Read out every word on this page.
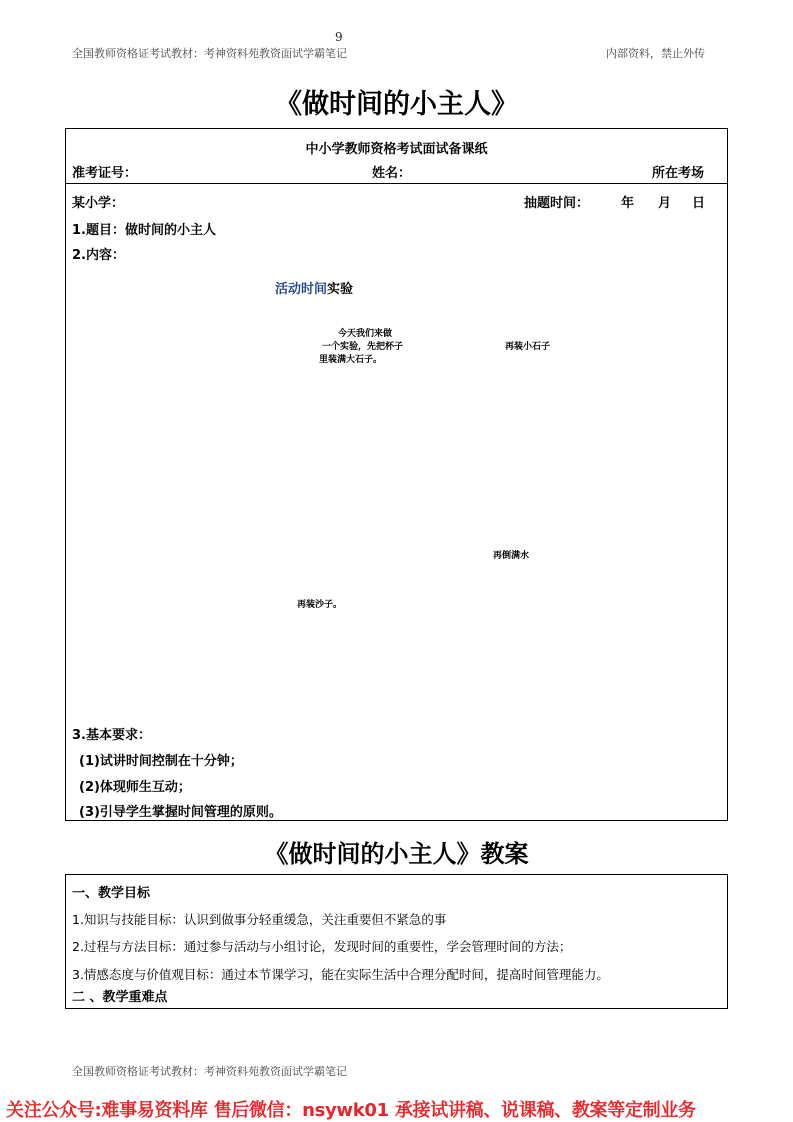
9
全国教师资格证考试教材：考神资料苑教资面试学霸笔记	内部资料，禁止外传
《做时间的小主人》
中小学教师资格考试面试备课纸
准考证号：	姓名：	所在考场
某小学：	抽题时间： 年 月 日
1.题目：做时间的小主人
2.内容：
活动时间实验
今天我们来做
一个实验，先把杯子
里装满大石子。
再装小石子
再倒满水
再装沙子。
3.基本要求：
(1)试讲时间控制在十分钟；
(2)体现师生互动；
(3)引导学生掌握时间管理的原则。
《做时间的小主人》教案
一、教学目标
1.知识与技能目标：认识到做事分轻重缓急，关注重要但不紧急的事
2.过程与方法目标：通过参与活动与小组讨论，发现时间的重要性，学会管理时间的方法；
3.情感态度与价值观目标：通过本节课学习，能在实际生活中合理分配时间，提高时间管理能力。
二 、教学重难点
全国教师资格证考试教材：考神资料苑教资面试学霸笔记
关注公众号:难事易资料库 售后微信：nsywk01 承接试讲稿、说课稿、教案等定制业务
